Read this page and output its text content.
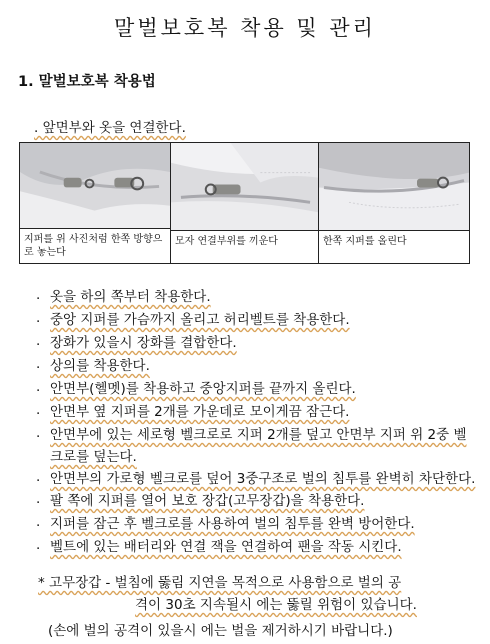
말벌보호복 착용 및 관리
1. 말벌보호복 착용법
. 앞면부와 옷을 연결한다.
지퍼를 위 사진처럼 한쪽 방향으로 놓는다
모자 연결부위를 끼운다	한쪽 지퍼를 올린다
. 옷을 하의 쪽부터 착용한다.
. 중앙 지퍼를 가슴까지 올리고 허리벨트를 착용한다.
. 장화가 있을시 장화를 결합한다.
. 상의를 착용한다.
. 안면부(헬멧)를 착용하고 중앙지퍼를 끝까지 올린다.
. 안면부 옆 지퍼를 2개를 가운데로 모이게끔 잠근다.
. 안면부에 있는 세로형 벨크로로 지퍼 2개를 덮고 안면부 지퍼 위 2중 벨크로를 덮는다.
. 안면부의 가로형 벨크로를 덮어 3중구조로 벌의 침투를 완벽히 차단한다.
. 팔 쪽에 지퍼를 열어 보호 장갑(고무장갑)을 착용한다.
. 지퍼를 잠근 후 벨크로를 사용하여 벌의 침투를 완벽 방어한다.
. 벨트에 있는 배터리와 연결 잭을 연결하여 팬을 작동 시킨다.
* 고무장갑 - 벌침에 뚫림 지연을 목적으로 사용함으로 벌의 공
격이 30초 지속될시 에는 뚫릴 위험이 있습니다.
(손에 벌의 공격이 있을시 에는 벌을 제거하시기 바랍니다.)
